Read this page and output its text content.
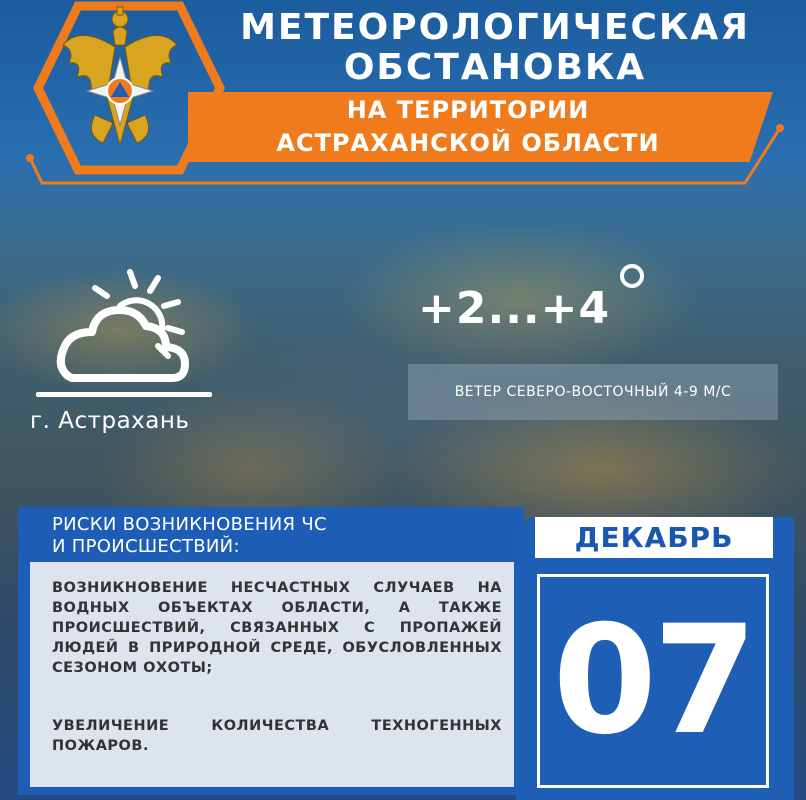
МЕТЕОРОЛОГИЧЕСКАЯ
ОБСТАНОВКА
НА ТЕРРИТОРИИ
АСТРАХАНСКОЙ ОБЛАСТИ
г. Астрахань
+2...+4
ВЕТЕР СЕВЕРО-ВОСТОЧНЫЙ 4-9 М/С
РИСКИ ВОЗНИКНОВЕНИЯ ЧС
И ПРОИСШЕСТВИЙ:

ВОЗНИКНОВЕНИЕ НЕСЧАСТНЫХ СЛУЧАЕВ НА ВОДНЫХ ОБЪЕКТАХ ОБЛАСТИ, А ТАКЖЕ ПРОИСШЕСТВИЙ, СВЯЗАННЫХ С ПРОПАЖЕЙ ЛЮДЕЙ В ПРИРОДНОЙ СРЕДЕ, ОБУСЛОВЛЕННЫХ СЕЗОНОМ ОХОТЫ;

УВЕЛИЧЕНИЕ КОЛИЧЕСТВА ТЕХНОГЕННЫХ ПОЖАРОВ.

ДЕКАБРЬ
07
